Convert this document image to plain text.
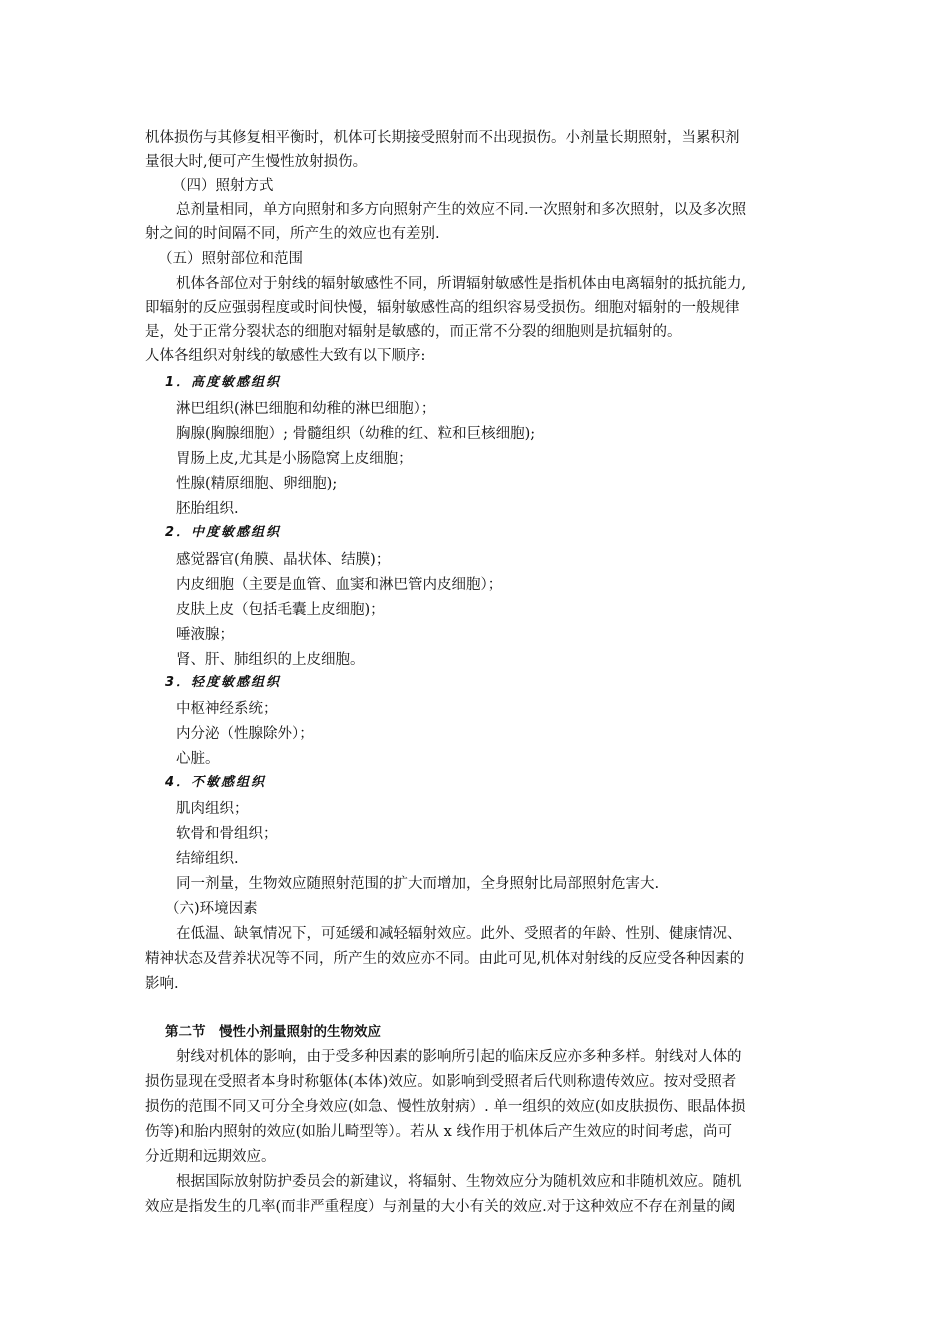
机体损伤与其修复相平衡时，机体可长期接受照射而不出现损伤。小剂量长期照射，当累积剂
量很大时,便可产生慢性放射损伤。
（四）照射方式
总剂量相同，单方向照射和多方向照射产生的效应不同.一次照射和多次照射，以及多次照
射之间的时间隔不同，所产生的效应也有差别.
（五）照射部位和范围
机体各部位对于射线的辐射敏感性不同，所谓辐射敏感性是指机体由电离辐射的抵抗能力,
即辐射的反应强弱程度或时间快慢，辐射敏感性高的组织容易受损伤。细胞对辐射的一般规律
是，处于正常分裂状态的细胞对辐射是敏感的，而正常不分裂的细胞则是抗辐射的。
人体各组织对射线的敏感性大致有以下顺序:
1．高度敏感组织
淋巴组织(淋巴细胞和幼稚的淋巴细胞）；
胸腺(胸腺细胞）; 骨髓组织（幼稚的红、粒和巨核细胞);
胃肠上皮,尤其是小肠隐窝上皮细胞；
性腺(精原细胞、卵细胞);
胚胎组织.
2．中度敏感组织
感觉器官(角膜、晶状体、结膜)；
内皮细胞（主要是血管、血窦和淋巴管内皮细胞）；
皮肤上皮（包括毛囊上皮细胞)；
唾液腺；
肾、肝、肺组织的上皮细胞。
3．轻度敏感组织
中枢神经系统；
内分泌（性腺除外）；
心脏。
4．不敏感组织
肌肉组织；
软骨和骨组织；
结缔组织.
同一剂量，生物效应随照射范围的扩大而增加，全身照射比局部照射危害大.
（六)环境因素
在低温、缺氧情况下，可延缓和减轻辐射效应。此外、受照者的年龄、性别、健康情况、
精神状态及营养状况等不同，所产生的效应亦不同。由此可见,机体对射线的反应受各种因素的
影响.
第二节　慢性小剂量照射的生物效应
射线对机体的影响，由于受多种因素的影响所引起的临床反应亦多种多样。射线对人体的
损伤显现在受照者本身时称躯体(本体)效应。如影响到受照者后代则称遗传效应。按对受照者
损伤的范围不同又可分全身效应(如急、慢性放射病）. 单一组织的效应(如皮肤损伤、眼晶体损
伤等)和胎内照射的效应(如胎儿畸型等）。若从 x 线作用于机体后产生效应的时间考虑，尚可
分近期和远期效应。
根据国际放射防护委员会的新建议，将辐射、生物效应分为随机效应和非随机效应。随机
效应是指发生的几率(而非严重程度）与剂量的大小有关的效应.对于这种效应不存在剂量的阈
